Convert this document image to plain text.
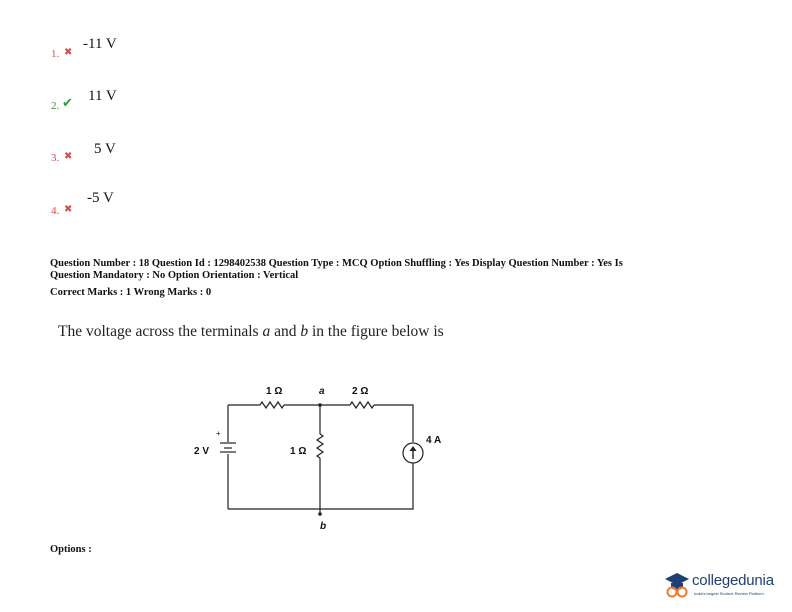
1. ✖
-11 V
2. ✔ 11 V
3. ✖ 5 V
4. ✖
-5 V
Question Number : 18 Question Id : 1298402538 Question Type : MCQ Option Shuffling : Yes Display Question Number : Yes Is
Question Mandatory : No Option Orientation : Vertical
Correct Marks : 1 Wrong Marks : 0
The voltage across the terminals a and b in the figure below is
+
1 Ω	a	2 Ω
2 V	1 Ω
4 A
b
Options :
collegedunia
India's largest Student Review Platform
